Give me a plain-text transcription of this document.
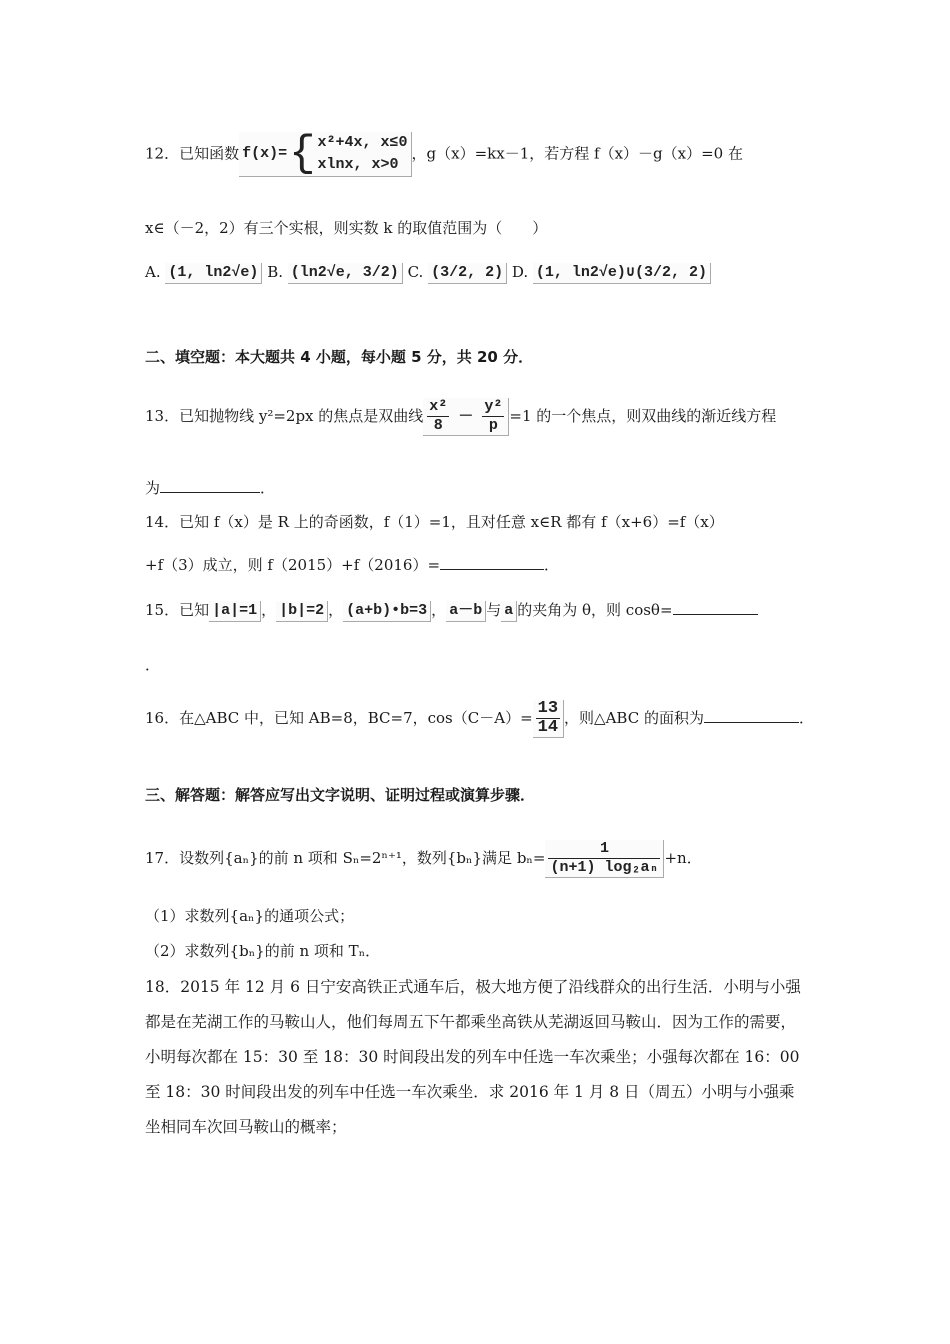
12．已知函数 f(x)= { x²+4x, x≤0
xlnx, x>0
，g（x）=kx－1，若方程 f（x）－g（x）=0 在
x∈（－2，2）有三个实根，则实数 k 的取值范围为（　　）
A. (1, ln2√e) B. (ln2√e, 3/2) C. (3/2, 2) D. (1, ln2√e)∪(3/2, 2)
二、填空题：本大题共 4 小题，每小题 5 分，共 20 分．
13．已知抛物线 y²=2px 的焦点是双曲线 $\frac{\text{x²}}{8} - \frac{\text{y²}}{p} =1$ 的一个焦点，则双曲线的渐近线方程
为	．
14．已知 f（x）是 R 上的奇函数，f（1）=1，且对任意 x∈R 都有 f（x+6）=f（x）
+f（3）成立，则 f（2015）+f（2016）=	．
15．已知 |a|=1 ， |b|=2 ， (a+b)•b=3 ， a－b 与 a 的夹角为 θ，则 cosθ=
．
16．在△ABC 中，已知 AB=8，BC=7，$\cos(C-A)= \frac{13}{14}$ ，则△ABC 的面积为	．
三、解答题：解答应写出文字说明、证明过程或演算步骤．
17．设数列{aₙ}的前 n 项和 Sₙ=2ⁿ⁺¹，数列{bₙ}满足 $b_n= \frac{1}{\text{(n+1) log₂aₙ}} +n$．
（1）求数列{aₙ}的通项公式；
（2）求数列{bₙ}的前 n 项和 Tₙ．
18．2015 年 12 月 6 日宁安高铁正式通车后，极大地方便了沿线群众的出行生活．小明与小强都是在芜湖工作的马鞍山人，他们每周五下午都乘坐高铁从芜湖返回马鞍山．因为工作的需要，小明每次都在 15：30 至 18：30 时间段出发的列车中任选一车次乘坐；小强每次都在 16：00 至 18：30 时间段出发的列车中任选一车次乘坐．求 2016 年 1 月 8 日（周五）小明与小强乘坐相同车次回马鞍山的概率；
